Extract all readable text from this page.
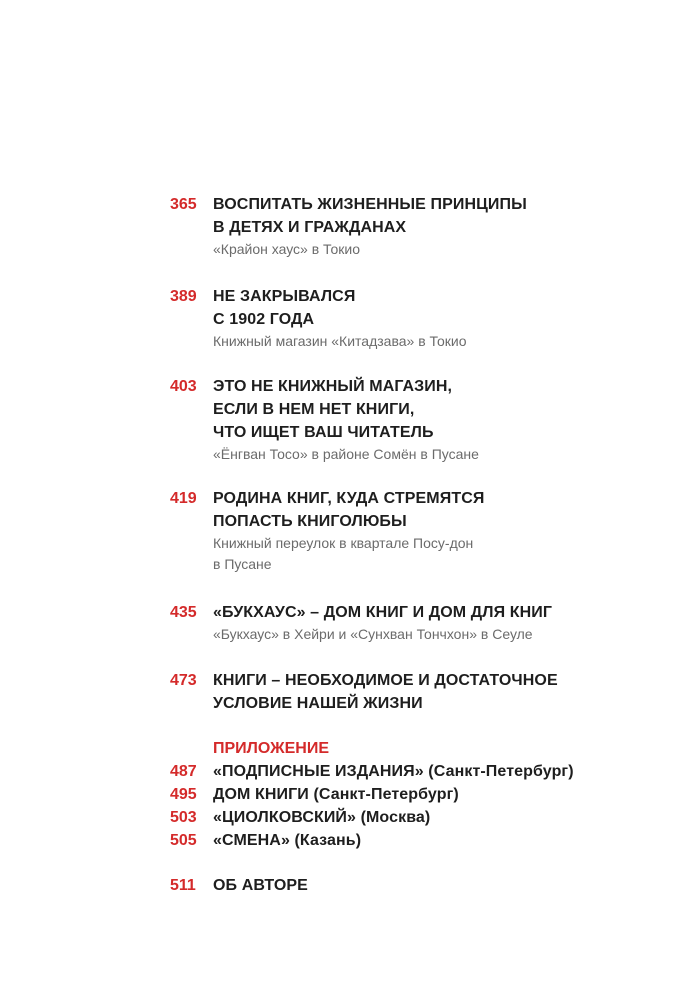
365	ВОСПИТАТЬ ЖИЗНЕННЫЕ ПРИНЦИПЫ
В ДЕТЯХ И ГРАЖДАНАХ
«Крайон хаус» в Токио
389	НЕ ЗАКРЫВАЛСЯ
С 1902 ГОДА
Книжный магазин «Китадзава» в Токио
403	ЭТО НЕ КНИЖНЫЙ МАГАЗИН,
ЕСЛИ В НЕМ НЕТ КНИГИ,
ЧТО ИЩЕТ ВАШ ЧИТАТЕЛЬ
«Ёнгван Тосо» в районе Сомён в Пусане
419	РОДИНА КНИГ, КУДА СТРЕМЯТСЯ
ПОПАСТЬ КНИГОЛЮБЫ
Книжный переулок в квартале Посу-дон
в Пусане
435	«БУКХАУС» – ДОМ КНИГ И ДОМ ДЛЯ КНИГ
«Букхаус» в Хейри и «Сунхван Тончхон» в Сеуле
473	КНИГИ – НЕОБХОДИМОЕ И ДОСТАТОЧНОЕ
УСЛОВИЕ НАШЕЙ ЖИЗНИ
ПРИЛОЖЕНИЕ
487	«ПОДПИСНЫЕ ИЗДАНИЯ» (Санкт-Петербург)
495	ДОМ КНИГИ (Санкт-Петербург)
503	«ЦИОЛКОВСКИЙ» (Москва)
505	«СМЕНА» (Казань)
511	ОБ АВТОРЕ
